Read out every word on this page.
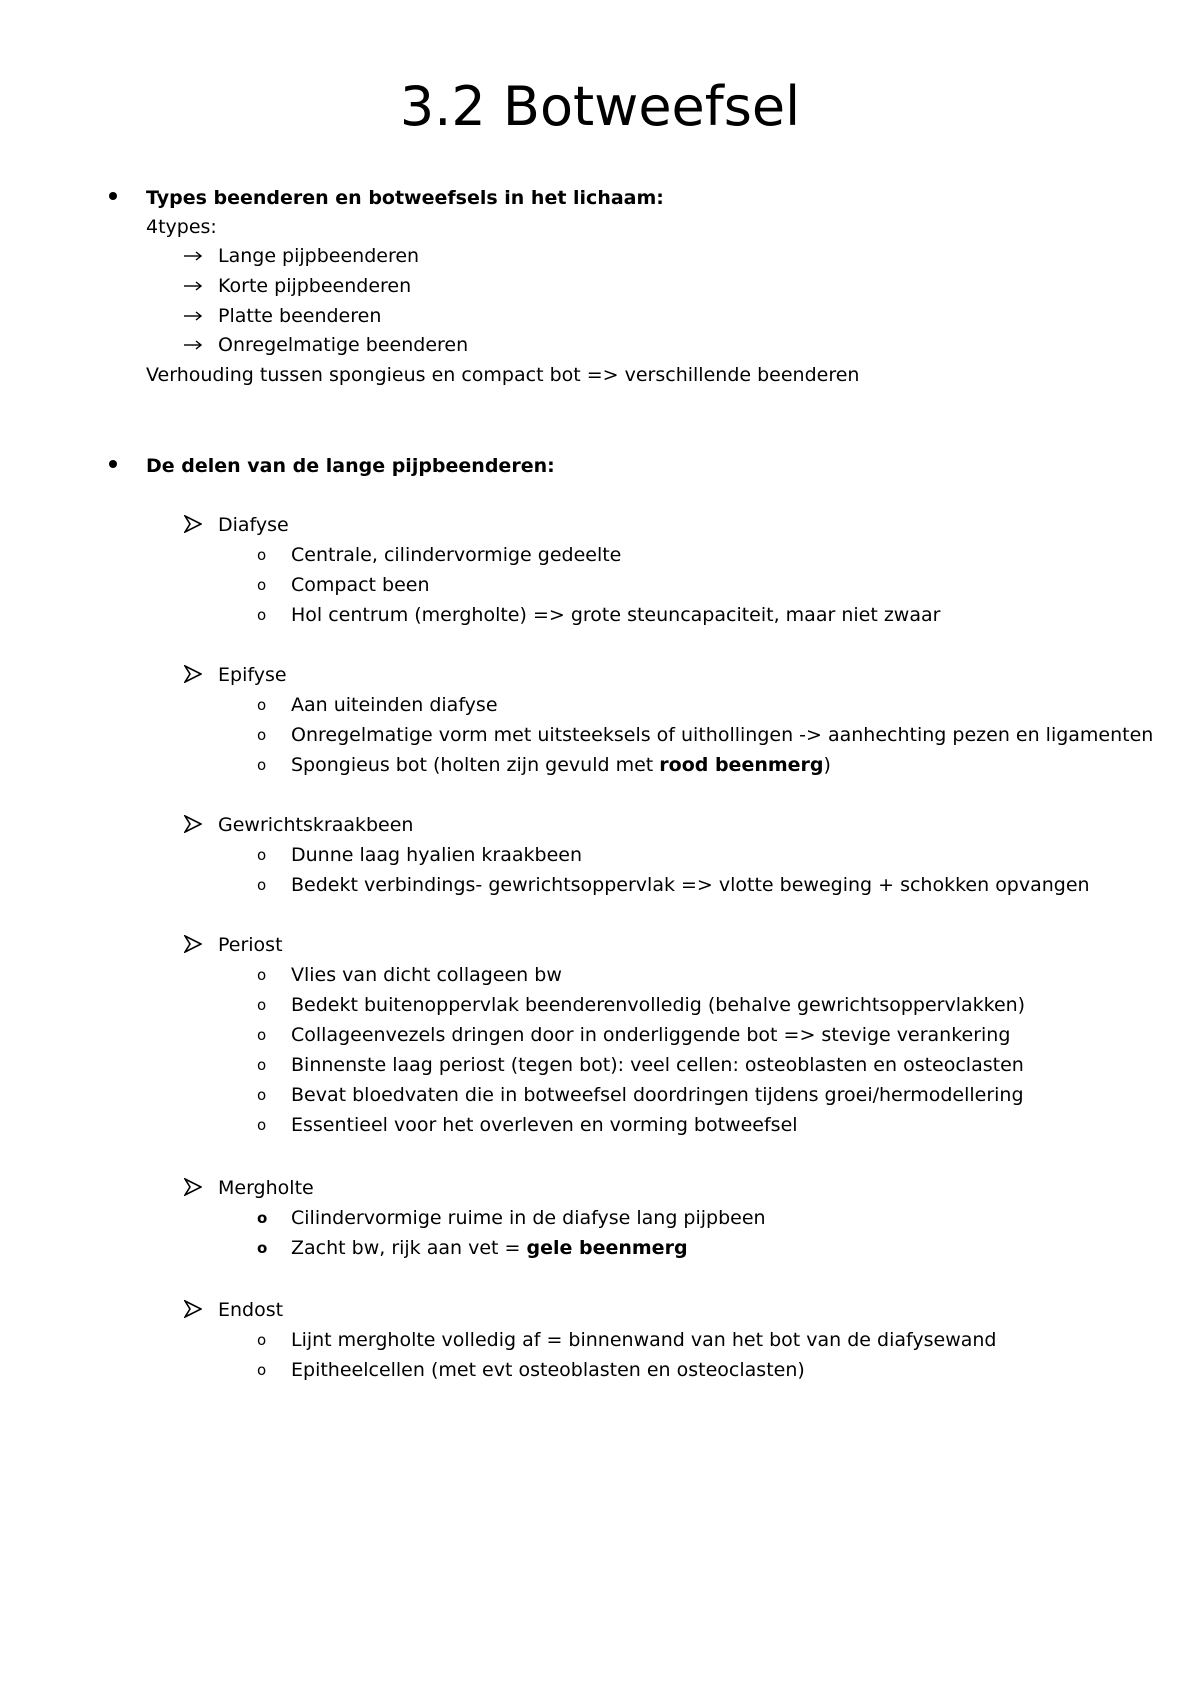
3.2 Botweefsel
Types beenderen en botweefsels in het lichaam:
4types:
Lange pijpbeenderen
Korte pijpbeenderen
Platte beenderen
Onregelmatige beenderen
Verhouding tussen spongieus en compact bot => verschillende beenderen
De delen van de lange pijpbeenderen:
Diafyse
o Centrale, cilindervormige gedeelte
o Compact been
o Hol centrum (mergholte) => grote steuncapaciteit, maar niet zwaar
Epifyse
o Aan uiteinden diafyse
o Onregelmatige vorm met uitsteeksels of uithollingen -> aanhechting pezen en ligamenten
o Spongieus bot (holten zijn gevuld met rood beenmerg)
Gewrichtskraakbeen
o Dunne laag hyalien kraakbeen
o Bedekt verbindings- gewrichtsoppervlak => vlotte beweging + schokken opvangen
Periost
o Vlies van dicht collageen bw
o Bedekt buitenoppervlak beenderenvolledig (behalve gewrichtsoppervlakken)
o Collageenvezels dringen door in onderliggende bot => stevige verankering
o Binnenste laag periost (tegen bot): veel cellen: osteoblasten en osteoclasten
o Bevat bloedvaten die in botweefsel doordringen tijdens groei/hermodellering
o Essentieel voor het overleven en vorming botweefsel
Mergholte
o Cilindervormige ruime in de diafyse lang pijpbeen
o Zacht bw, rijk aan vet = gele beenmerg
Endost
o Lijnt mergholte volledig af = binnenwand van het bot van de diafysewand
o Epitheelcellen (met evt osteoblasten en osteoclasten)
